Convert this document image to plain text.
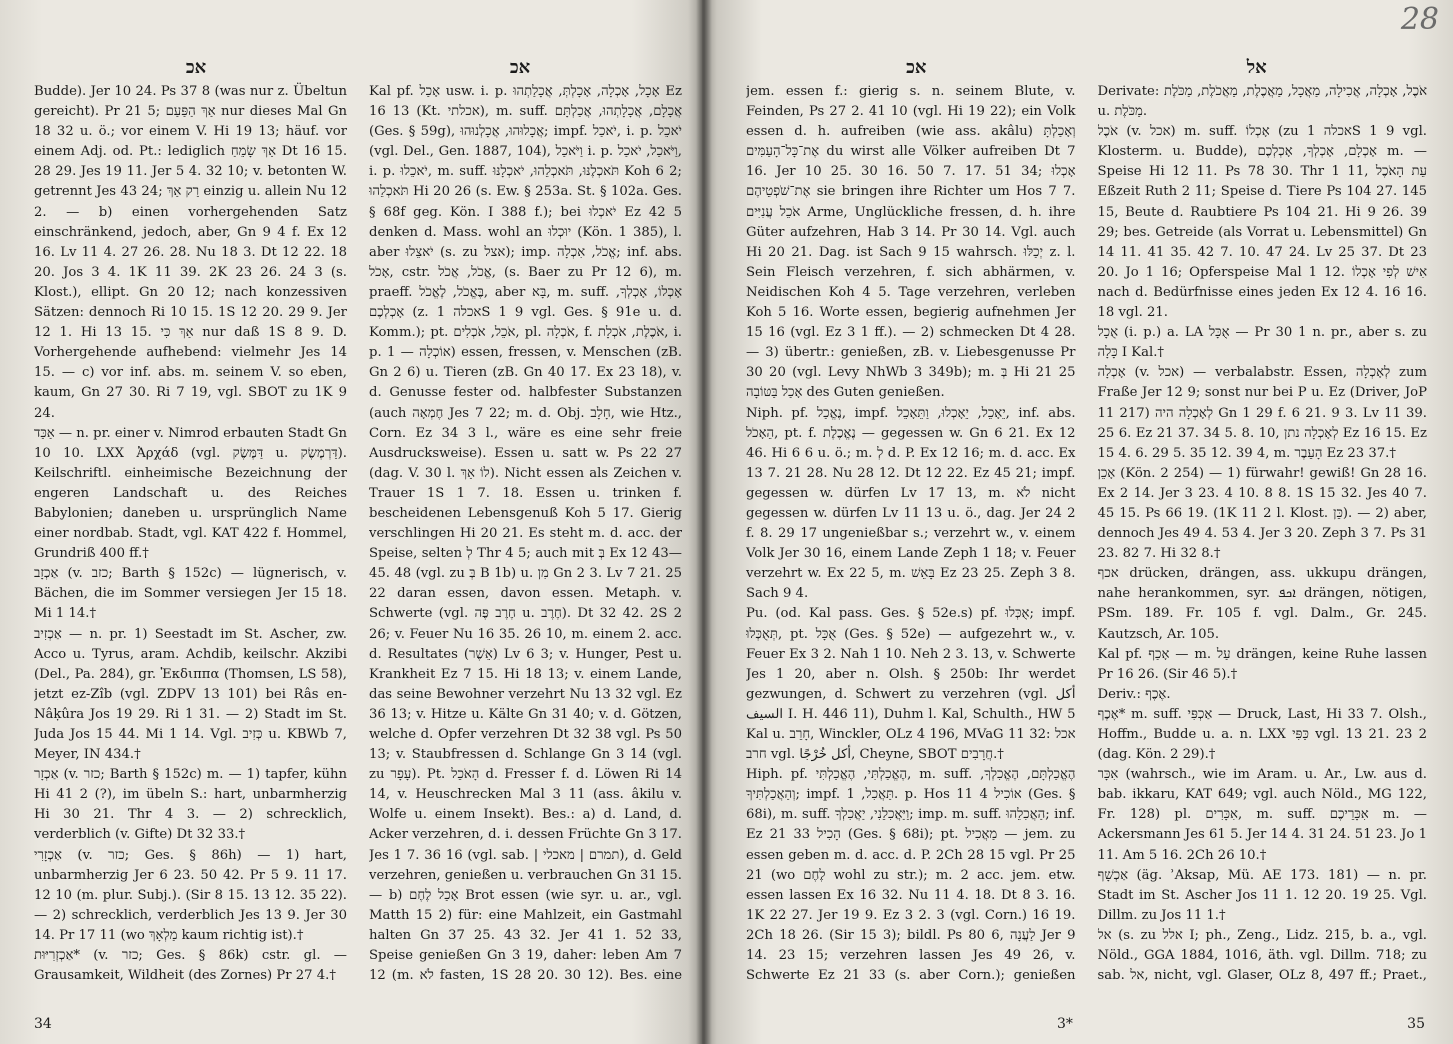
אכ	אכ

Budde). Jer 10 24. Ps 37 8 (was nur z. Übeltun gereicht). Pr 21 5; אַךְ הַפַּעַם nur dieses Mal Gn 18 32 u. ö.; vor einem V. Hi 19 13; häuf. vor einem Adj. od. Pt.: lediglich אַךְ שָׂמֵחַ Dt 16 15. 28 29. Jes 19 11. Jer 5 4. 32 10; v. betonten W. getrennt Jes 43 24; רַק אַךְ einzig u. allein Nu 12 2. — b) einen vorhergehenden Satz einschränkend, jedoch, aber, Gn 9 4 f. Ex 12 16. Lv 11 4. 27 26. 28. Nu 18 3. Dt 12 22. 18 20. Jos 3 4. 1K 11 39. 2K 23 26. 24 3 (s. Klost.), ellipt. Gn 20 12; nach konzessiven Sätzen: dennoch Ri 10 15. 1S 12 20. 29 9. Jer 12 1. Hi 13 15. אַךְ כִּי nur daß 1S 8 9. D. Vorhergehende aufhebend: vielmehr Jes 14 15. — c) vor inf. abs. m. seinem V. so eben, kaum, Gn 27 30. Ri 7 19, vgl. SBOT zu 1K 9 24.

אַכַּד — n. pr. einer v. Nimrod erbauten Stadt Gn 10 10. LXX Ἀρχάδ (vgl. דַּמֶּשֶׂק u. דַּרְמֶשֶׂק). Keilschriftl. einheimische Bezeichnung der engeren Landschaft u. des Reiches Babylonien; daneben u. ursprünglich Name einer nordbab. Stadt, vgl. KAT 422 f. Hommel, Grundriß 400 ff.†

אַכְזָב (v. כזב; Barth § 152c) — lügnerisch, v. Bächen, die im Sommer versiegen Jer 15 18. Mi 1 14.†

אַכְזִיב — n. pr. 1) Seestadt im St. Ascher, zw. Acco u. Tyrus, aram. Achdib, keilschr. Akzibi (Del., Pa. 284), gr. Ἐκδιππα (Thomsen, LS 58), jetzt ez-Zîb (vgl. ZDPV 13 101) bei Râs en-Nâḳûra Jos 19 29. Ri 1 31. — 2) Stadt im St. Juda Jos 15 44. Mi 1 14. Vgl. כְּזִיב u. KBWb 7, Meyer, IN 434.†

אַכְזָר (v. כזר; Barth § 152c) m. — 1) tapfer, kühn Hi 41 2 (?), im übeln S.: hart, unbarmherzig Hi 30 21. Thr 4 3. — 2) schrecklich, verderblich (v. Gifte) Dt 32 33.†

אַכְזָרִי (v. כזר; Ges. § 86h) — 1) hart, unbarmherzig Jer 6 23. 50 42. Pr 5 9. 11 17. 12 10 (m. plur. Subj.). (Sir 8 15. 13 12. 35 22). — 2) schrecklich, verderblich Jes 13 9. Jer 30 14. Pr 17 11 (wo מַלְאָךְ kaum richtig ist).†

אַכְזְרִיּוּת* (v. כזר; Ges. § 86k) cstr. gl. — Grausamkeit, Wildheit (des Zornes) Pr 27 4.†

Kal pf. אָכַל usw. i. p. אָכָל, אָכְלָה, אָכָלְתְּ, אֲכָלַתְהוּ Ez 16 13 (Kt. אכלתי), m. suff. אֲכָלָם, אֲכָלָתְהוּ, אֲכַלְתָּם (Ges. § 59g), אֲכָלוּהוּ, אֲכָלְנוּהוּ; impf. יֹאכַל, i. p. יֹאכֵל (vgl. Del., Gen. 1887, 104), וַיֹּאכַל i. p. וַיֹּאכַל, יֹאכַל, i. p. יֹאכֵלוּ, m. suff. תֹּאכְלֶנּוּ, תֹּאכְלֵהוּ, יֹאכְלָנּוּ Koh 6 2; תֹּאכְלֵהוּ Hi 20 26 (s. Ew. § 253a. St. § 102a. Ges. § 68f geg. Kön. I 388 f.); bei יֹאכְלוּ Ez 42 5 denken d. Mass. wohl an יוּכְלוּ (Kön. 1 385), l. aber יֹאצֵלוּ (s. zu אצל); imp. אֱכֹל, אִכְלָה; inf. abs. אָכֹל, cstr. אֱכֹל, אֲכֹל, (s. Baer zu Pr 12 6), m. praeff. בֶּאֱכֹל, לֶאֱכֹל, aber בָּא, m. suff. אָכְלוֹ, אָכְלְךָ, אָכְלְכֶם (z. אכלה 1S 1 9 vgl. Ges. § 91e u. d. Komm.); pt. אֹכֵל, אֹכְלִים, pl. אֹכְלָה, f. אֹכֶלֶת, אֹכְלָת, i. p. אוֹכְלָה — 1) essen, fressen, v. Menschen (zB. Gn 2 6) u. Tieren (zB. Gn 40 17. Ex 23 18), v. d. Genusse fester od. halbfester Substanzen (auch חֶמְאָה Jes 7 22; m. d. Obj. חָלָב, wie Htz., Corn. Ez 34 3 l., wäre es eine sehr freie Ausdrucksweise). Essen u. satt w. Ps 22 27 (dag. V. 30 l. לוֹ אַךְ). Nicht essen als Zeichen v. Trauer 1S 1 7. 18. Essen u. trinken f. bescheidenen Lebensgenuß Koh 5 17. Gierig verschlingen Hi 20 21. Es steht m. d. acc. der Speise, selten לְ Thr 4 5; auch mit בְּ Ex 12 43—45. 48 (vgl. zu בְּ B 1b) u. מִן Gn 2 3. Lv 7 21. 25 22 daran essen, davon essen. Metaph. v. Schwerte (vgl. חֶרֶב פֶּה u. חֶרֶב). Dt 32 42. 2S 2 26; v. Feuer Nu 16 35. 26 10, m. einem 2. acc. d. Resultates (אֵשֶׁר) Lv 6 3; v. Hunger, Pest u. Krankheit Ez 7 15. Hi 18 13; v. einem Lande, das seine Bewohner verzehrt Nu 13 32 vgl. Ez 36 13; v. Hitze u. Kälte Gn 31 40; v. d. Götzen, welche d. Opfer verzehren Dt 32 38 vgl. Ps 50 13; v. Staubfressen d. Schlange Gn 3 14 (vgl. zu עָפָר). Pt. הָאֹכֵל d. Fresser f. d. Löwen Ri 14 14, v. Heuschrecken Mal 3 11 (ass. âkilu v. Wolfe u. einem Insekt). Bes.: a) d. Land, d. Acker verzehren, d. i. dessen Früchte Gn 3 17. Jes 1 7. 36 16 (vgl. sab. | תמרם | מאכלי), d. Geld verzehren, genießen u. verbrauchen Gn 31 15. — b) אָכַל לֶחֶם Brot essen (wie syr. u. ar., vgl. Matth 15 2) für: eine Mahlzeit, ein Gastmahl halten Gn 37 25. 43 32. Jer 41 1. 52 33, Speise genießen Gn 3 19, daher: leben Am 7 12 (m. לֹא fasten, 1S 28 20. 30 12). Bes. eine

34
אכ	אל

jem. essen f.: gierig s. n. seinem Blute, v. Feinden, Ps 27 2. 41 10 (vgl. Hi 19 22); ein Volk essen d. h. aufreiben (wie ass. akâlu) וְאָכַלְתָּ אֶת־כָּל־הָעַמִּים du wirst alle Völker aufreiben Dt 7 16. Jer 10 25. 30 16. 50 7. 17. 51 34; אָכְלוּ אֶת־שֹׁפְטֵיהֶם sie bringen ihre Richter um Hos 7 7. אֹכֵל עֲנִיִּים Arme, Unglückliche fressen, d. h. ihre Güter aufzehren, Hab 3 14. Pr 30 14. Vgl. auch Hi 20 21. Dag. ist Sach 9 15 wahrsch. יְכַלּוּ z. l. Sein Fleisch verzehren, f. sich abhärmen, v. Neidischen Koh 4 5. Tage verzehren, verleben Koh 5 16. Worte essen, begierig aufnehmen Jer 15 16 (vgl. Ez 3 1 ff.). — 2) schmecken Dt 4 28. — 3) übertr.: genießen, zB. v. Liebesgenusse Pr 30 20 (vgl. Levy NhWb 3 349b); m. בְּ Hi 21 25 אָכַל בַּטּוֹבָה des Guten genießen.

Niph. pf. נֶאֱכַל, impf. יֵאָכֵל, יֵאָכְלוּ, וַתֵּאָכֵל, inf. abs. הֵאָכֹל, pt. f. נֶאֱכֶלֶת — gegessen w. Gn 6 21. Ex 12 46. Hi 6 6 u. ö.; m. לְ d. P. Ex 12 16; m. d. acc. Ex 13 7. 21 28. Nu 28 12. Dt 12 22. Ez 45 21; impf. gegessen w. dürfen Lv 17 13, m. לֹא nicht gegessen w. dürfen Lv 11 13 u. ö., dag. Jer 24 2 f. 8. 29 17 ungenießbar s.; verzehrt w., v. einem Volk Jer 30 16, einem Lande Zeph 1 18; v. Feuer verzehrt w. Ex 22 5, m. בָּאֵשׁ Ez 23 25. Zeph 3 8. Sach 9 4.

Pu. (od. Kal pass. Ges. § 52e.s) pf. אֻכְּלוּ; impf. תְּאֻכְּלוּ, pt. אֻכָּל (Ges. § 52e) — aufgezehrt w., v. Feuer Ex 3 2. Nah 1 10. Neh 2 3. 13, v. Schwerte Jes 1 20, aber n. Olsh. § 250b: Ihr werdet gezwungen, d. Schwert zu verzehren (vgl. أكل السيف I. H. 446 11), Duhm l. Kal, Schulth., HW 5 Kal u. חָרֵב, Winckler, OLz 4 196, MVaG 11 32: אכל חרב vgl. أكل خُرْجًا, Cheyne, SBOT חֲרָבִים.†

Hiph. pf. הֶאֱכַלְתִּי, הֶאֱכַלְתִּי, m. suff. הֶאֱכַלְתָּם, הֶאֱכִלְךָ, וְהַאֲכַלְתִּיךָ; impf. תַּאֲכִל, 1. p. Hos 11 4 אוֹכִיל (Ges. § 68i), m. suff. וַיַּאֲכִלֵנִי, יַאֲכִלְךָ; imp. m. suff. הַאֲכִלֵהוּ; inf. Ez 21 33 הָכִיל (Ges. § 68i); pt. מַאֲכִיל — jem. zu essen geben m. d. acc. d. P. 2Ch 28 15 vgl. Pr 25 21 (wo לֶחֶם wohl zu str.); m. 2 acc. jem. etw. essen lassen Ex 16 32. Nu 11 4. 18. Dt 8 3. 16. 1K 22 27. Jer 19 9. Ez 3 2. 3 (vgl. Corn.) 16 19. 2Ch 18 26. (Sir 15 3); bildl. Ps 80 6, לַעֲנָה Jer 9 14. 23 15; verzehren lassen Jes 49 26, v. Schwerte Ez 21 33 (s. aber Corn.); genießen

Derivate: אֹכֶל, אָכְלָה, אֲכִילָה, מַאֲכָל, מַאֲכֶלֶת, מַאֲכֹלֶת, מַכֹּלֶת u. מַכֹּלֶת.

אֹכֶל (v. אכל) m. suff. אָכְלוֹ (zu אכלה 1S 1 9 vgl. Klosterm. u. Budde), אָכְלָם, אָכְלְךָ, אָכְלְכֶם m. — Speise Hi 12 11. Ps 78 30. Thr 1 11, עֵת הָאֹכֶל Eßzeit Ruth 2 11; Speise d. Tiere Ps 104 27. 145 15, Beute d. Raubtiere Ps 104 21. Hi 9 26. 39 29; bes. Getreide (als Vorrat u. Lebensmittel) Gn 14 11. 41 35. 42 7. 10. 47 24. Lv 25 37. Dt 23 20. Jo 1 16; Opferspeise Mal 1 12. אִישׁ לְפִי אָכְלוֹ nach d. Bedürfnisse eines jeden Ex 12 4. 16 16. 18 vgl. 21.

אֻכָל (i. p.) a. LA אֻכָּל — Pr 30 1 n. pr., aber s. zu כָּלָה I Kal.†

אָכְלָה (v. אכל) — verbalabstr. Essen, לְאָכְלָה zum Fraße Jer 12 9; sonst nur bei P u. Ez (Driver, JoP 11 217) לְאָכְלָה היה Gn 1 29 f. 6 21. 9 3. Lv 11 39. 25 6. Ez 21 37. 34 5. 8. 10, לְאָכְלָה נתן Ez 16 15. Ez 15 4. 6. 29 5. 35 12. 39 4, m. הָעֵבֶר Ez 23 37.†

אָכֵן (Kön. 2 254) — 1) fürwahr! gewiß! Gn 28 16. Ex 2 14. Jer 3 23. 4 10. 8 8. 1S 15 32. Jes 40 7. 45 15. Ps 66 19. (1K 11 2 l. Klost. כֵּן). — 2) aber, dennoch Jes 49 4. 53 4. Jer 3 20. Zeph 3 7. Ps 31 23. 82 7. Hi 32 8.†

אכף drücken, drängen, ass. ukkupu drängen, nahe herankommen, syr. ܐܟܦ drängen, nötigen, PSm. 189. Fr. 105 f. vgl. Dalm., Gr. 245. Kautzsch, Ar. 105.

Kal pf. אָכַף — m. עַל drängen, keine Ruhe lassen Pr 16 26. (Sir 46 5).†

Deriv.: אֶכֶף.

אֶכֶף* m. suff. אַכְפִּי — Druck, Last, Hi 33 7. Olsh., Hoffm., Budde u. a. n. LXX כַּפִּי vgl. 13 21. 23 2 (dag. Kön. 2 29).†

אִכָּר (wahrsch., wie im Aram. u. Ar., Lw. aus d. bab. ikkaru, KAT 649; vgl. auch Nöld., MG 122, Fr. 128) pl. אִכָּרִים, m. suff. אִכָּרֵיכֶם m. — Ackersmann Jes 61 5. Jer 14 4. 31 24. 51 23. Jo 1 11. Am 5 16. 2Ch 26 10.†

אַכְשָׁף (äg. ʾAksap, Mü. AE 173. 181) — n. pr. Stadt im St. Ascher Jos 11 1. 12 20. 19 25. Vgl. Dillm. zu Jos 11 1.†

אל (s. zu אלל I; ph., Zeng., Lidz. 215, b. a., vgl. Nöld., GGA 1884, 1016, äth. vgl. Dillm. 718; zu sab. אל, nicht, vgl. Glaser, OLz 8, 497 ff.; Praet.,

3*	35
28
